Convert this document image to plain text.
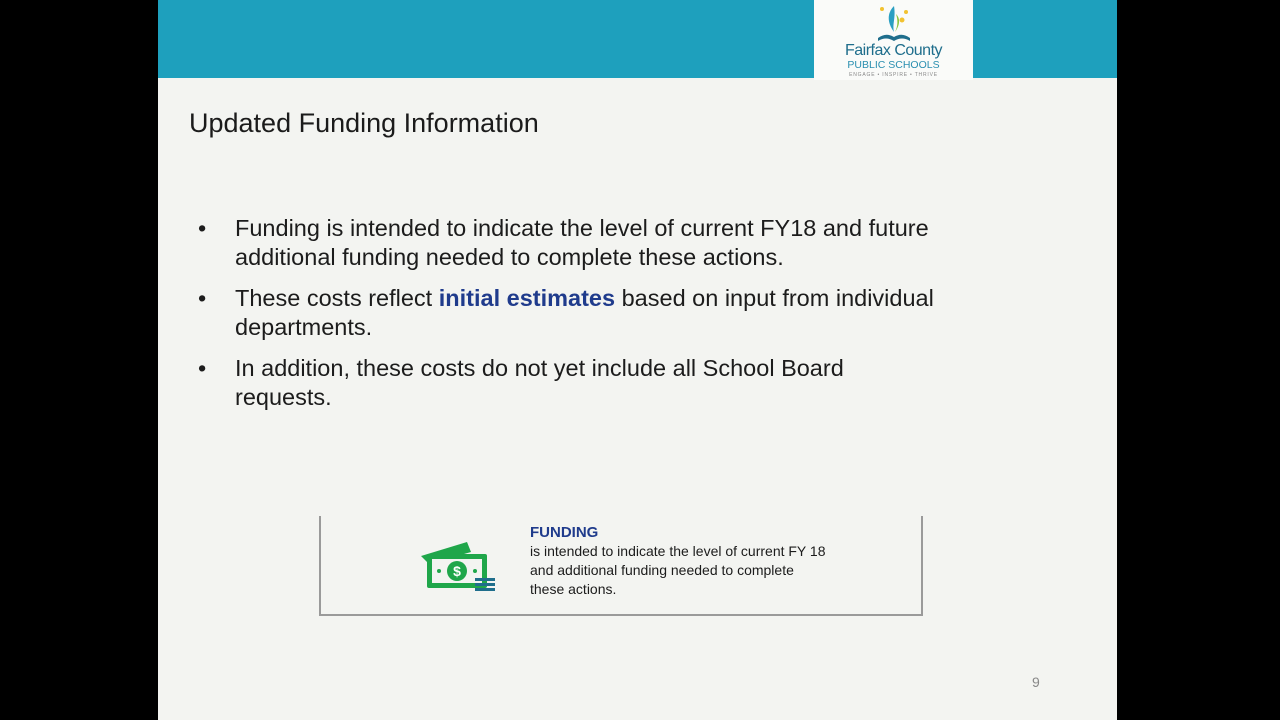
Fairfax County
PUBLIC SCHOOLS
ENGAGE • INSPIRE • THRIVE
Updated Funding Information
• Funding is intended to indicate the level of current FY18 and future additional funding needed to complete these actions.
• These costs reflect initial estimates based on input from individual departments.
• In addition, these costs do not yet include all School Board requests.
$
FUNDING
is intended to indicate the level of current FY 18 and additional funding needed to complete these actions.
9
